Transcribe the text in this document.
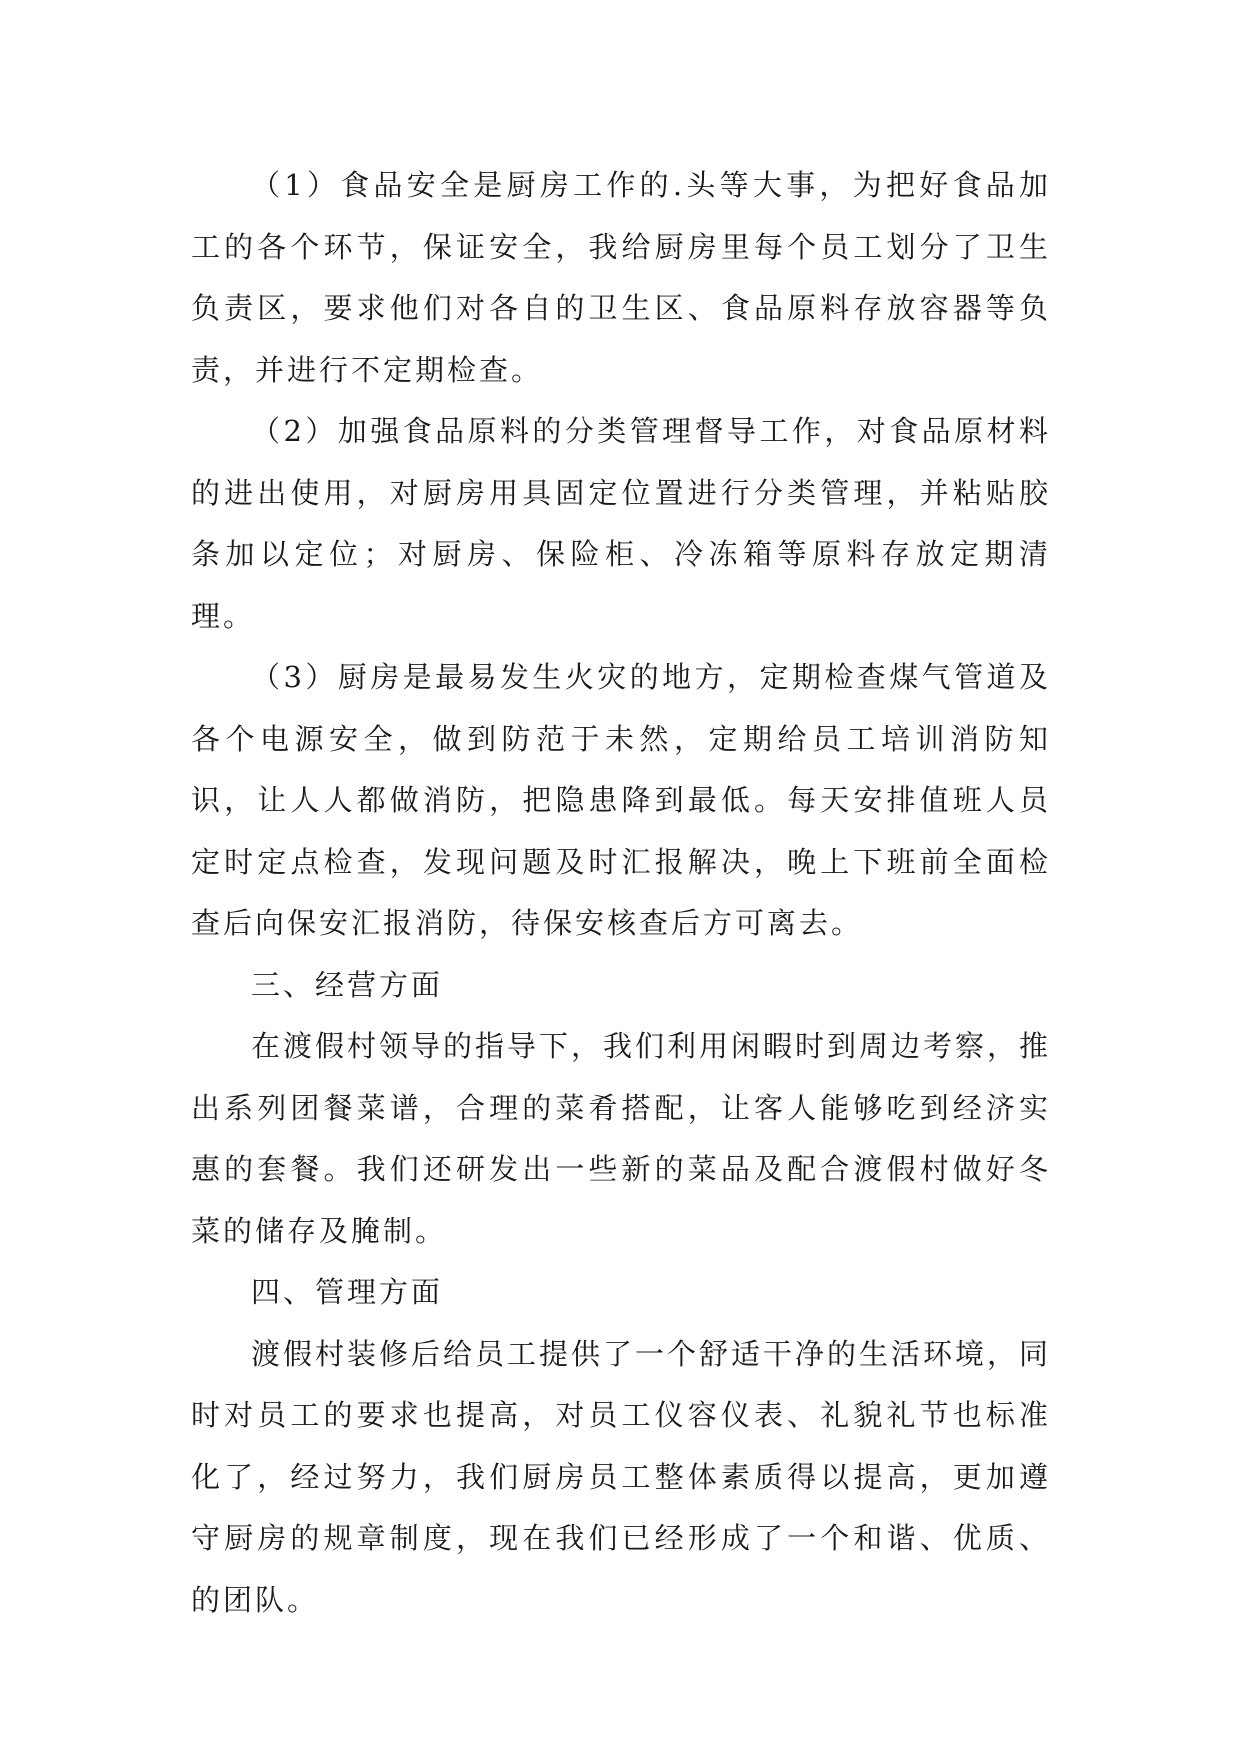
（1）食品安全是厨房工作的.头等大事，为把好食品加工的各个环节，保证安全，我给厨房里每个员工划分了卫生负责区，要求他们对各自的卫生区、食品原料存放容器等负责，并进行不定期检查。

（2）加强食品原料的分类管理督导工作，对食品原材料的进出使用，对厨房用具固定位置进行分类管理，并粘贴胶条加以定位；对厨房、保险柜、冷冻箱等原料存放定期清理。

（3）厨房是最易发生火灾的地方，定期检查煤气管道及各个电源安全，做到防范于未然，定期给员工培训消防知识，让人人都做消防，把隐患降到最低。每天安排值班人员定时定点检查，发现问题及时汇报解决，晚上下班前全面检查后向保安汇报消防，待保安核查后方可离去。

三、经营方面

在渡假村领导的指导下，我们利用闲暇时到周边考察，推出系列团餐菜谱，合理的菜肴搭配，让客人能够吃到经济实惠的套餐。我们还研发出一些新的菜品及配合渡假村做好冬菜的储存及腌制。

四、管理方面

渡假村装修后给员工提供了一个舒适干净的生活环境，同时对员工的要求也提高，对员工仪容仪表、礼貌礼节也标准化了，经过努力，我们厨房员工整体素质得以提高，更加遵守厨房的规章制度，现在我们已经形成了一个和谐、优质、的团队。
